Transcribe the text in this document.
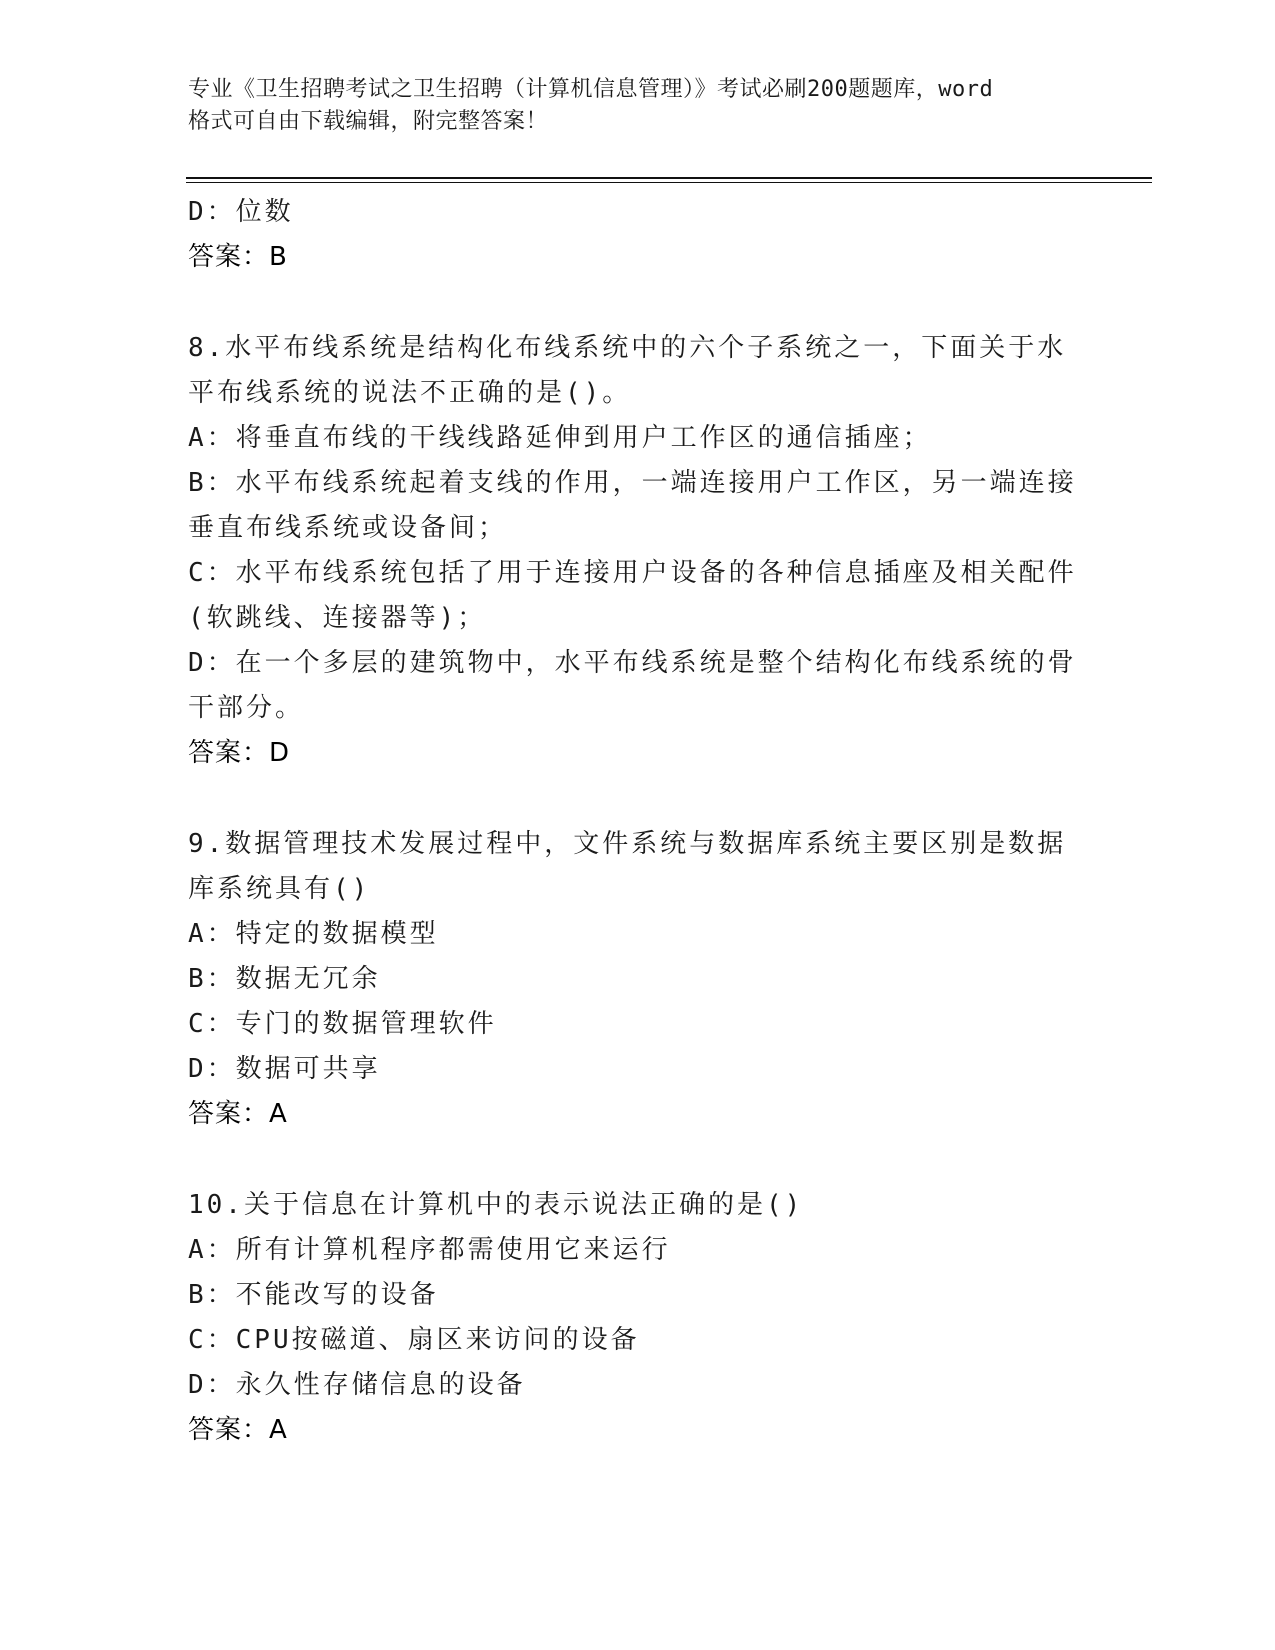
专业《卫生招聘考试之卫生招聘（计算机信息管理）》考试必刷200题题库，word
格式可自由下载编辑，附完整答案！
D：位数
答案：B
8.水平布线系统是结构化布线系统中的六个子系统之一，下面关于水
平布线系统的说法不正确的是()。
A：将垂直布线的干线线路延伸到用户工作区的通信插座；
B：水平布线系统起着支线的作用，一端连接用户工作区，另一端连接
垂直布线系统或设备间；
C：水平布线系统包括了用于连接用户设备的各种信息插座及相关配件
(软跳线、连接器等)；
D：在一个多层的建筑物中，水平布线系统是整个结构化布线系统的骨
干部分。
答案：D
9.数据管理技术发展过程中，文件系统与数据库系统主要区别是数据
库系统具有()
A：特定的数据模型
B：数据无冗余
C：专门的数据管理软件
D：数据可共享
答案：A
10.关于信息在计算机中的表示说法正确的是()
A：所有计算机程序都需使用它来运行
B：不能改写的设备
C：CPU按磁道、扇区来访问的设备
D：永久性存储信息的设备
答案：A
